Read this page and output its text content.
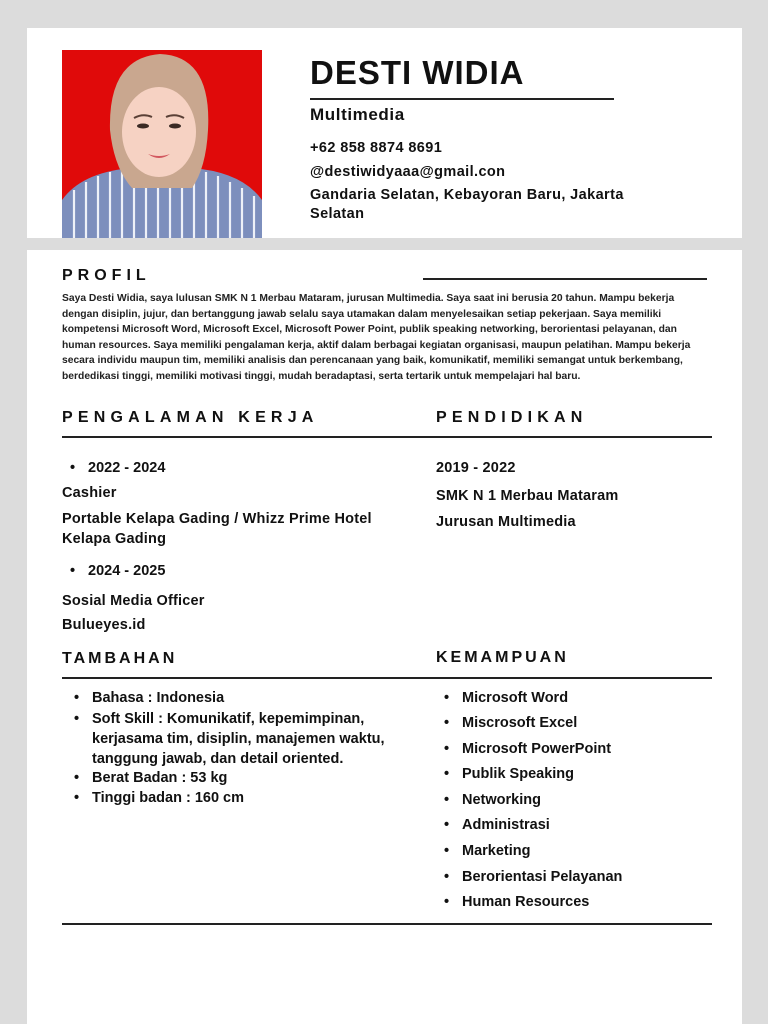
DESTI WIDIA
Multimedia
+62 858 8874 8691
@destiwidyaaa@gmail.con
Gandaria Selatan, Kebayoran Baru, Jakarta Selatan
PROFIL
Saya Desti Widia, saya lulusan SMK N 1 Merbau Mataram, jurusan Multimedia. Saya saat ini berusia 20 tahun. Mampu bekerja dengan disiplin, jujur, dan bertanggung jawab selalu saya utamakan dalam menyelesaikan setiap pekerjaan. Saya memiliki kompetensi Microsoft Word, Microsoft Excel, Microsoft Power Point, publik speaking networking, berorientasi pelayanan, dan human resources. Saya memiliki pengalaman kerja, aktif dalam berbagai kegiatan organisasi, maupun pelatihan. Mampu bekerja secara individu maupun tim, memiliki analisis dan perencanaan yang baik, komunikatif, memiliki semangat untuk berkembang, berdedikasi tinggi, memiliki motivasi tinggi, mudah beradaptasi, serta tertarik untuk mempelajari hal baru.
PENGALAMAN KERJA	PENDIDIKAN
• 2022 - 2024
Cashier
Portable Kelapa Gading / Whizz Prime Hotel Kelapa Gading
• 2024 - 2025
Sosial Media Officer
Bulueyes.id
2019 - 2022
SMK N 1 Merbau Mataram
Jurusan Multimedia
TAMBAHAN	KEMAMPUAN
• Bahasa : Indonesia
• Soft Skill : Komunikatif, kepemimpinan, kerjasama tim, disiplin, manajemen waktu, tanggung jawab, dan detail oriented.
• Berat Badan : 53 kg
• Tinggi badan : 160 cm
• Microsoft Word
• Miscrosoft Excel
• Microsoft PowerPoint
• Publik Speaking
• Networking
• Administrasi
• Marketing
• Berorientasi Pelayanan
• Human Resources
